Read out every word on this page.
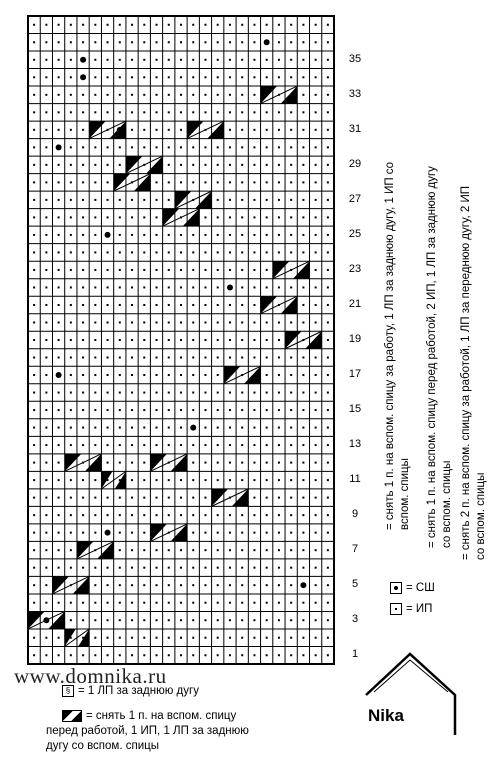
1
3
5
7
9
11
13
15
17
19
21
23
25
27
29
31
33
35
= снять 1 п. на вспом. спицу за работу, 1 ЛП за заднюю дугу, 1 ИП со вспом. спицы = снять 1 п. на вспом. спицу перед работой, 2 ИП, 1 ЛП за заднюю дугу со вспом. спицы = снять 2 п. на вспом. спицу за работой, 1 ЛП за переднюю дугу, 2 ИП со вспом. спицы
= СШ
= ИП
§ = 1 ЛП за заднюю дугу
= снять 1 п. на вспом. спицу
перед работой, 1 ИП, 1 ЛП за заднюю
дугу со вспом. спицы
www.domnika.ru
Nika
